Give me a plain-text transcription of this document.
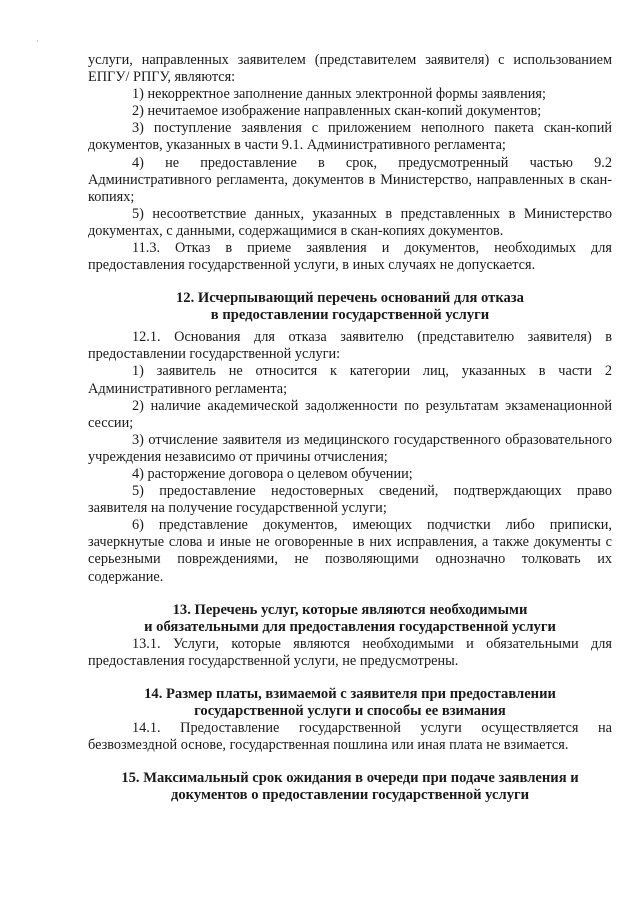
·

услуги, направленных заявителем (представителем заявителя) с использованием ЕПГУ/ РПГУ, являются:

1) некорректное заполнение данных электронной формы заявления;

2) нечитаемое изображение направленных скан-копий документов;

3) поступление заявления с приложением неполного пакета скан-копий документов, указанных в части 9.1. Административного регламента;

4) не предоставление в срок, предусмотренный частью 9.2 Административного регламента, документов в Министерство, направленных в скан-копиях;

5) несоответствие данных, указанных в представленных в Министерство документах, с данными, содержащимися в скан-копиях документов.

11.3. Отказ в приеме заявления и документов, необходимых для предоставления государственной услуги, в иных случаях не допускается.

12. Исчерпывающий перечень оснований для отказа
в предоставлении государственной услуги

12.1. Основания для отказа заявителю (представителю заявителя) в предоставлении государственной услуги:

1) заявитель не относится к категории лиц, указанных в части 2 Административного регламента;

2) наличие академической задолженности по результатам экзаменационной сессии;

3) отчисление заявителя из медицинского государственного образовательного учреждения независимо от причины отчисления;

4) расторжение договора о целевом обучении;

5) предоставление недостоверных сведений, подтверждающих право заявителя на получение государственной услуги;

6) представление документов, имеющих подчистки либо приписки, зачеркнутые слова и иные не оговоренные в них исправления, а также документы с серьезными повреждениями, не позволяющими однозначно толковать их содержание.

13. Перечень услуг, которые являются необходимыми
и обязательными для предоставления государственной услуги

13.1. Услуги, которые являются необходимыми и обязательными для предоставления государственной услуги, не предусмотрены.

14. Размер платы, взимаемой с заявителя при предоставлении
государственной услуги и способы ее взимания

14.1. Предоставление государственной услуги осуществляется на безвозмездной основе, государственная пошлина или иная плата не взимается.

15. Максимальный срок ожидания в очереди при подаче заявления и
документов о предоставлении государственной услуги
